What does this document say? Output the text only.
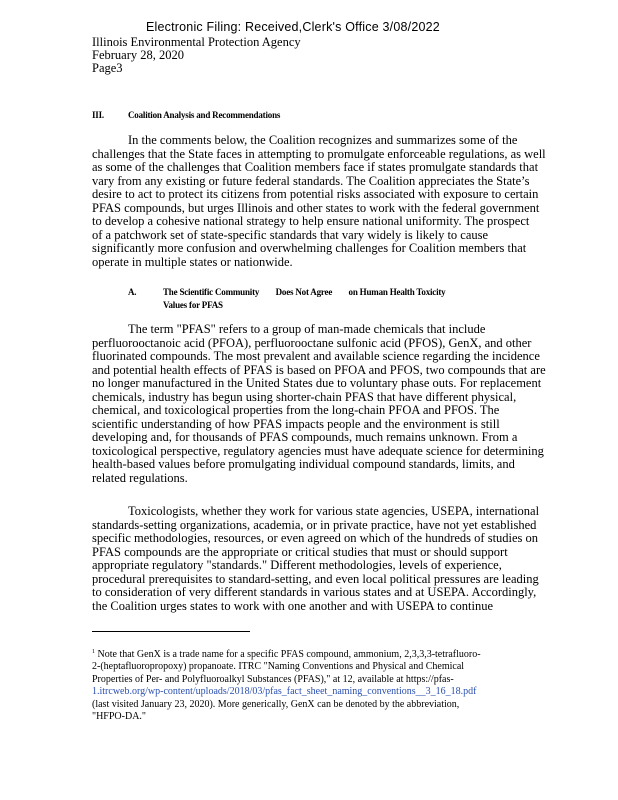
Electronic Filing: Received,Clerk's Office 3/08/2022
Illinois Environmental Protection Agency
February 28, 2020
Page3
III.	Coalition Analysis and Recommendations
In the comments below, the Coalition recognizes and summarizes some of the
challenges that the State faces in attempting to promulgate enforceable regulations, as well
as some of the challenges that Coalition members face if states promulgate standards that
vary from any existing or future federal standards. The Coalition appreciates the State’s
desire to act to protect its citizens from potential risks associated with exposure to certain
PFAS compounds, but urges Illinois and other states to work with the federal government
to develop a cohesive national strategy to help ensure national uniformity. The prospect
of a patchwork set of state-specific standards that vary widely is likely to cause
significantly more confusion and overwhelming challenges for Coalition members that
operate in multiple states or nationwide.
A.	The Scientific Community        Does Not Agree        on Human Health Toxicity
Values for PFAS
The term "PFAS" refers to a group of man-made chemicals that include
perfluorooctanoic acid (PFOA), perfluorooctane sulfonic acid (PFOS), GenX, and other
fluorinated compounds. The most prevalent and available science regarding the incidence
and potential health effects of PFAS is based on PFOA and PFOS, two compounds that are
no longer manufactured in the United States due to voluntary phase outs. For replacement
chemicals, industry has begun using shorter-chain PFAS that have different physical,
chemical, and toxicological properties from the long-chain PFOA and PFOS. The
scientific understanding of how PFAS impacts people and the environment is still
developing and, for thousands of PFAS compounds, much remains unknown. From a
toxicological perspective, regulatory agencies must have adequate science for determining
health-based values before promulgating individual compound standards, limits, and
related regulations.
Toxicologists, whether they work for various state agencies, USEPA, international
standards-setting organizations, academia, or in private practice, have not yet established
specific methodologies, resources, or even agreed on which of the hundreds of studies on
PFAS compounds are the appropriate or critical studies that must or should support
appropriate regulatory "standards." Different methodologies, levels of experience,
procedural prerequisites to standard-setting, and even local political pressures are leading
to consideration of very different standards in various states and at USEPA. Accordingly,
the Coalition urges states to work with one another and with USEPA to continue
$^1$ Note that GenX is a trade name for a specific PFAS compound, ammonium, 2,3,3,3-tetrafluoro-
2-(heptafluoropropoxy) propanoate. ITRC "Naming Conventions and Physical and Chemical
Properties of Per- and Polyfluoroalkyl Substances (PFAS)," at 12, available at https://pfas-
1.itrcweb.org/wp-content/uploads/2018/03/pfas_fact_sheet_naming_conventions__3_16_18.pdf
(last visited January 23, 2020). More generically, GenX can be denoted by the abbreviation,
"HFPO-DA."
